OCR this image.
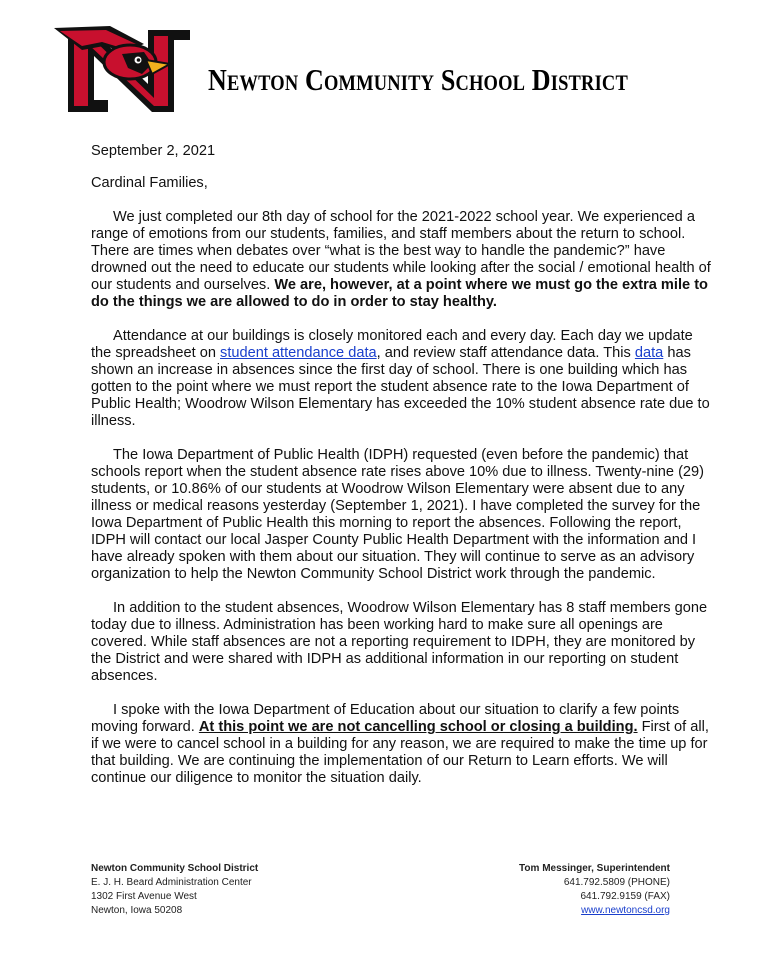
Newton Community School District

September 2, 2021

Cardinal Families,

We just completed our 8th day of school for the 2021-2022 school year. We experienced a range of emotions from our students, families, and staff members about the return to school. There are times when debates over “what is the best way to handle the pandemic?” have drowned out the need to educate our students while looking after the social / emotional health of our students and ourselves. We are, however, at a point where we must go the extra mile to do the things we are allowed to do in order to stay healthy.

Attendance at our buildings is closely monitored each and every day. Each day we update the spreadsheet on student attendance data, and review staff attendance data. This data has shown an increase in absences since the first day of school. There is one building which has gotten to the point where we must report the student absence rate to the Iowa Department of Public Health; Woodrow Wilson Elementary has exceeded the 10% student absence rate due to illness.

The Iowa Department of Public Health (IDPH) requested (even before the pandemic) that schools report when the student absence rate rises above 10% due to illness. Twenty-nine (29) students, or 10.86% of our students at Woodrow Wilson Elementary were absent due to any illness or medical reasons yesterday (September 1, 2021). I have completed the survey for the Iowa Department of Public Health this morning to report the absences. Following the report, IDPH will contact our local Jasper County Public Health Department with the information and I have already spoken with them about our situation. They will continue to serve as an advisory organization to help the Newton Community School District work through the pandemic.

In addition to the student absences, Woodrow Wilson Elementary has 8 staff members gone today due to illness. Administration has been working hard to make sure all openings are covered. While staff absences are not a reporting requirement to IDPH, they are monitored by the District and were shared with IDPH as additional information in our reporting on student absences.

I spoke with the Iowa Department of Education about our situation to clarify a few points moving forward. At this point we are not cancelling school or closing a building. First of all, if we were to cancel school in a building for any reason, we are required to make the time up for that building. We are continuing the implementation of our Return to Learn efforts. We will continue our diligence to monitor the situation daily.

Newton Community School District
E. J. H. Beard Administration Center
1302 First Avenue West
Newton, Iowa 50208
Tom Messinger, Superintendent
641.792.5809 (PHONE)
641.792.9159 (FAX)
www.newtoncsd.org
